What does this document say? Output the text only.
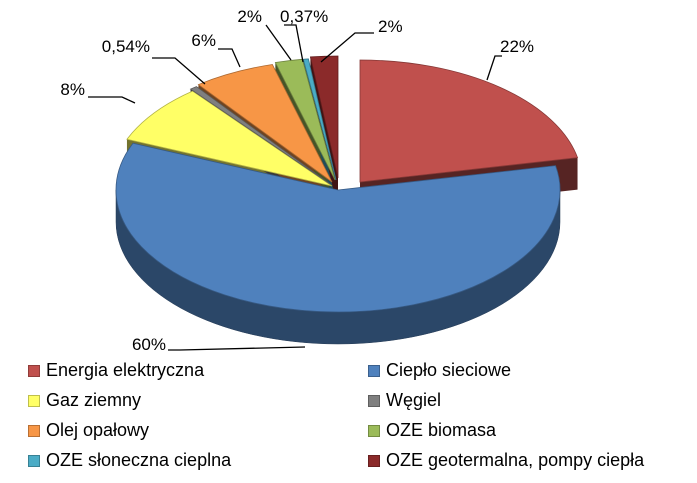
22%
60%
8%
0,54% 6%
2% 0,37%
2%
Energia elektryczna	Ciepło sieciowe
Gaz ziemny	Węgiel
Olej opałowy	OZE biomasa
OZE słoneczna cieplna	OZE geotermalna, pompy ciepła
